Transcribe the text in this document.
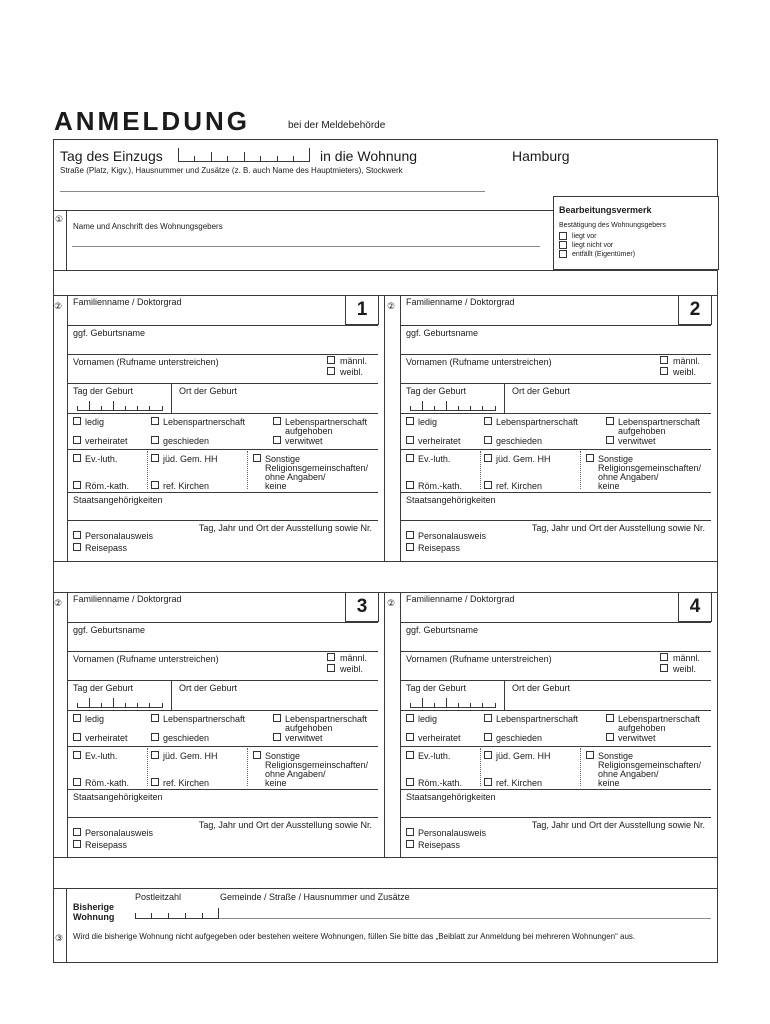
ANMELDUNG	bei der Meldebehörde
Tag des Einzugs	in die Wohnung	Hamburg
Straße (Platz, Kigv.), Hausnummer und Zusätze (z. B. auch Name des Hauptmieters), Stockwerk
①
Name und Anschrift des Wohnungsgebers
Bearbeitungsvermerk
Bestätigung des Wohnungsgebers
liegt vor
liegt nicht vor
entfällt (Eigentümer)
② Familienname / Doktorgrad	1
ggf. Geburtsname
Vornamen (Rufname unterstreichen)	männl.
weibl.
Tag der Geburt	Ort der Geburt
ledig	Lebenspartnerschaft	Lebenspartnerschaft
aufgehoben
verheiratet	geschieden	verwitwet
Ev.-luth.	jüd. Gem. HH	Sonstige
Religionsgemeinschaften/
ohne Angaben/
keine
Röm.-kath.	ref. Kirchen
Staatsangehörigkeiten
Tag, Jahr und Ort der Ausstellung sowie Nr.
Personalausweis
Reisepass
② Familienname / Doktorgrad	2
ggf. Geburtsname
Vornamen (Rufname unterstreichen)	männl.
weibl.
Tag der Geburt	Ort der Geburt
ledig	Lebenspartnerschaft	Lebenspartnerschaft
aufgehoben
verheiratet	geschieden	verwitwet
Ev.-luth.	jüd. Gem. HH	Sonstige
Religionsgemeinschaften/
ohne Angaben/
keine
Röm.-kath.	ref. Kirchen
Staatsangehörigkeiten
Tag, Jahr und Ort der Ausstellung sowie Nr.
Personalausweis
Reisepass
② Familienname / Doktorgrad	3
ggf. Geburtsname
Vornamen (Rufname unterstreichen)	männl.
weibl.
Tag der Geburt	Ort der Geburt
ledig	Lebenspartnerschaft	Lebenspartnerschaft
aufgehoben
verheiratet	geschieden	verwitwet
Ev.-luth.	jüd. Gem. HH	Sonstige
Religionsgemeinschaften/
ohne Angaben/
keine
Röm.-kath.	ref. Kirchen
Staatsangehörigkeiten
Tag, Jahr und Ort der Ausstellung sowie Nr.
Personalausweis
Reisepass
② Familienname / Doktorgrad	4
ggf. Geburtsname
Vornamen (Rufname unterstreichen)	männl.
weibl.
Tag der Geburt	Ort der Geburt
ledig	Lebenspartnerschaft	Lebenspartnerschaft
aufgehoben
verheiratet	geschieden	verwitwet
Ev.-luth.	jüd. Gem. HH	Sonstige
Religionsgemeinschaften/
ohne Angaben/
keine
Röm.-kath.	ref. Kirchen
Staatsangehörigkeiten
Tag, Jahr und Ort der Ausstellung sowie Nr.
Personalausweis
Reisepass
Bisherige
Wohnung
Postleitzahl	Gemeinde / Straße / Hausnummer und Zusätze
③ Wird die bisherige Wohnung nicht aufgegeben oder bestehen weitere Wohnungen, füllen Sie bitte das „Beiblatt zur Anmeldung bei mehreren Wohnungen“ aus.
